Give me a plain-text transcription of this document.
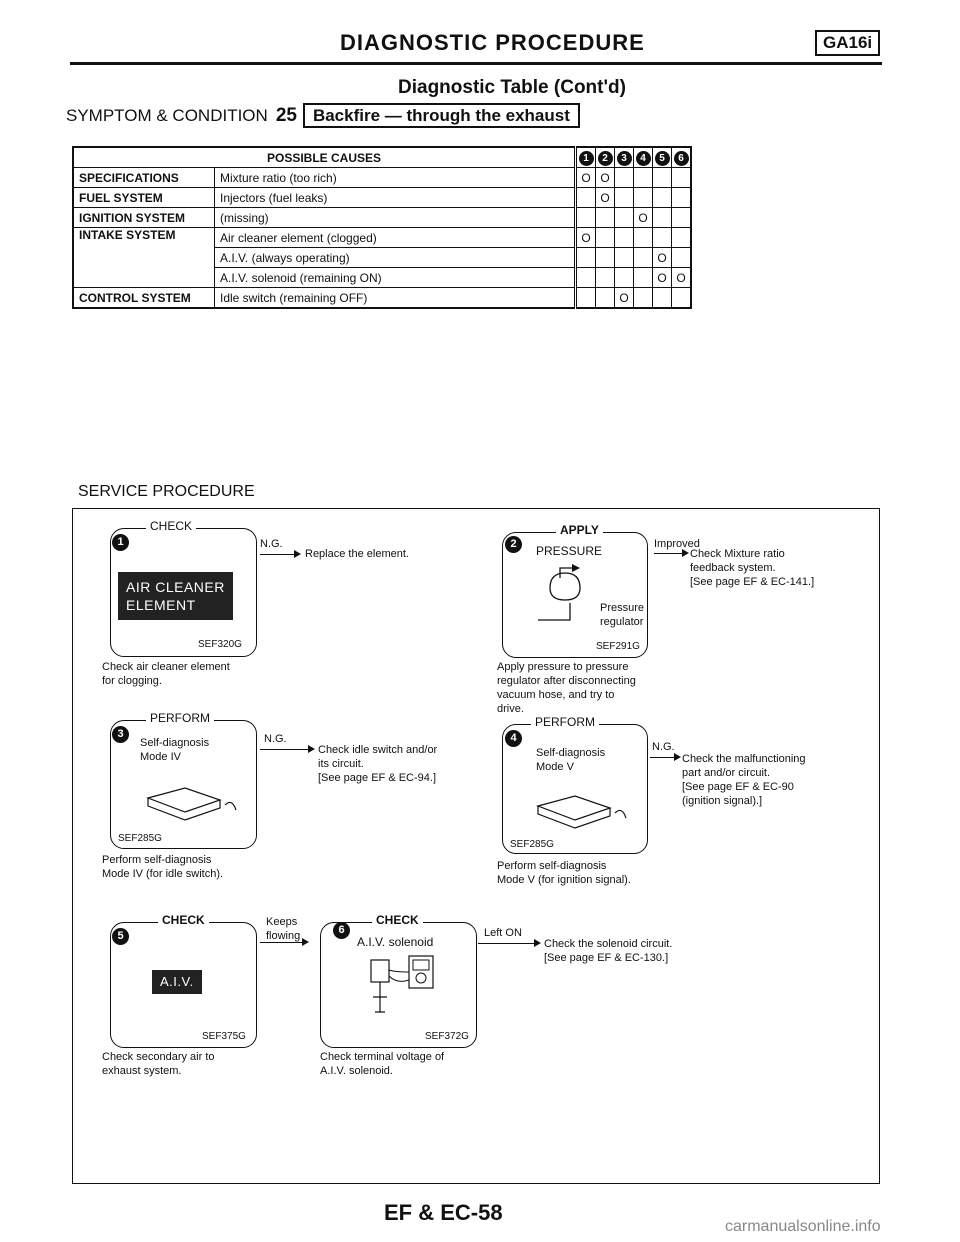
DIAGNOSTIC PROCEDURE	GA16i
Diagnostic Table (Cont'd)
SYMPTOM & CONDITION 25 Backfire — through the exhaust
POSSIBLE CAUSES		1	2	3	4	5	6
SPECIFICATIONS	Mixture ratio (too rich)	O	O				
FUEL SYSTEM	Injectors (fuel leaks)		O				
IGNITION SYSTEM	(missing)				O		
INTAKE SYSTEM	Air cleaner element (clogged)	O					
	A.I.V. (always operating)					O	
	A.I.V. solenoid (remaining ON)					O	O
CONTROL SYSTEM	Idle switch (remaining OFF)			O			
SERVICE PROCEDURE
CHECK
1
AIR CLEANER
ELEMENT
SEF320G
Check air cleaner element
for clogging.
N.G.
Replace the element.
APPLY
2	PRESSURE
Pressure
regulator
SEF291G
Apply pressure to pressure
regulator after disconnecting
vacuum hose, and try to
drive.
Improved
Check Mixture ratio
feedback system.
[See page EF & EC-141.]
PERFORM
3
Self-diagnosis
Mode IV
SEF285G
Perform self-diagnosis
Mode IV (for idle switch).
N.G.
Check idle switch and/or
its circuit.
[See page EF & EC-94.]
PERFORM
4
Self-diagnosis
Mode V
SEF285G
Perform self-diagnosis
Mode V (for ignition signal).
N.G.
Check the malfunctioning
part and/or circuit.
[See page EF & EC-90
(ignition signal).]
CHECK
5
A.I.V.
SEF375G
Check secondary air to
exhaust system.
Keeps
flowing
CHECK
6
A.I.V. solenoid
SEF372G
Check terminal voltage of
A.I.V. solenoid.
Left ON
Check the solenoid circuit.
[See page EF & EC-130.]
EF & EC-58
carmanualsonline.info
